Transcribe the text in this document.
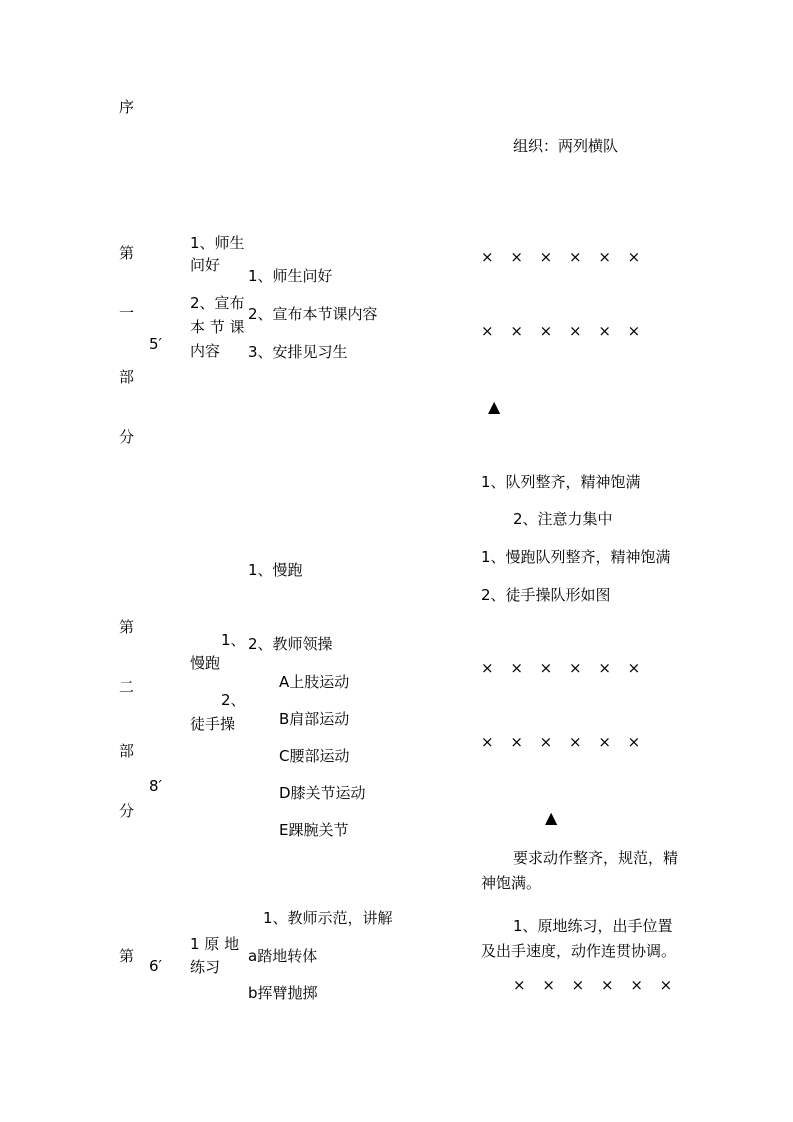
序
第
一
部
分
第
二
部
分
第
5′
8′
6′
1、师生
问好
2、宣布
本 节 课
内容
1、
慢跑
2、
徒手操
1 原 地
练习
1、师生问好
2、宣布本节课内容
3、安排见习生
1、慢跑
2、教师领操
A上肢运动
B肩部运动
C腰部运动
D膝关节运动
E踝腕关节
1、教师示范，讲解
a踏地转体
b挥臂抛掷
组织：两列横队
× × × × × ×
× × × × × ×
▲
1、队列整齐，精神饱满
2、注意力集中
1、慢跑队列整齐，精神饱满
2、徒手操队形如图
× × × × × ×
× × × × × ×
▲
要求动作整齐，规范，精神饱满。
1、原地练习，出手位置及出手速度，动作连贯协调。
× × × × × ×
